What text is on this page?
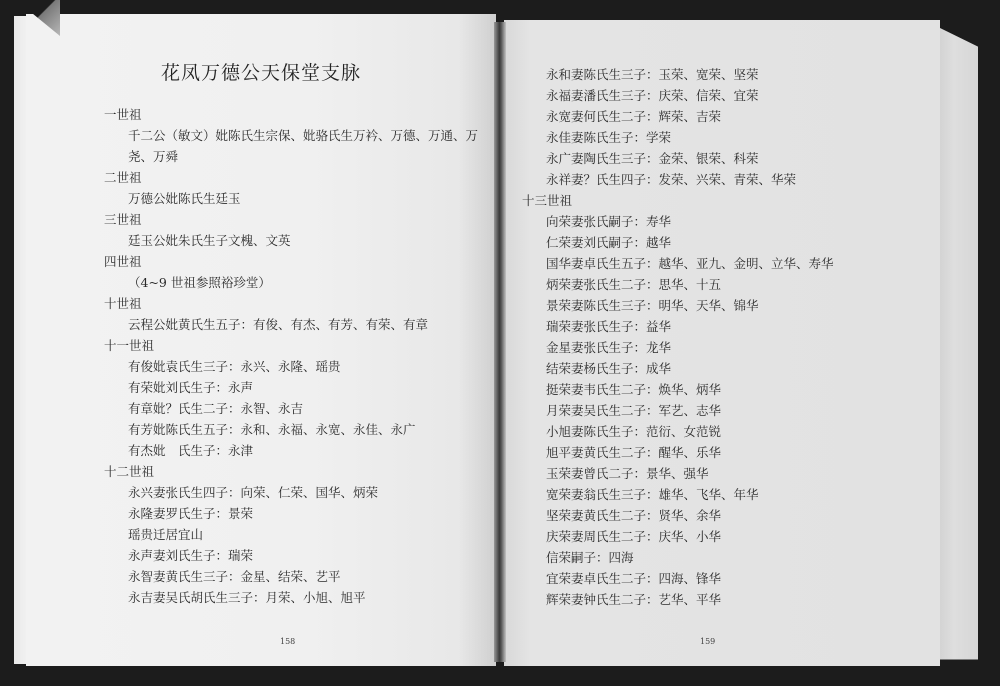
花凤万德公天保堂支脉
一世祖
千二公（敏文）妣陈氏生宗保、妣骆氏生万衿、万德、万通、万尧、万舜
二世祖
万德公妣陈氏生廷玉
三世祖
廷玉公妣朱氏生子文槐、文英
四世祖
（4~9 世祖参照裕珍堂）
十世祖
云程公妣黄氏生五子：有俊、有杰、有芳、有荣、有章
十一世祖
有俊妣袁氏生三子：永兴、永隆、瑶贵
有荣妣刘氏生子：永声
有章妣？氏生二子：永智、永吉
有芳妣陈氏生五子：永和、永福、永宽、永佳、永广
有杰妣　氏生子：永津
十二世祖
永兴妻张氏生四子：向荣、仁荣、国华、炳荣
永隆妻罗氏生子：景荣
瑶贵迁居宜山
永声妻刘氏生子：瑞荣
永智妻黄氏生三子：金星、结荣、艺平
永吉妻吴氏胡氏生三子：月荣、小旭、旭平
永和妻陈氏生三子：玉荣、宽荣、坚荣
永福妻潘氏生三子：庆荣、信荣、宜荣
永宽妻何氏生二子：辉荣、吉荣
永佳妻陈氏生子：学荣
永广妻陶氏生三子：金荣、银荣、科荣
永祥妻？氏生四子：发荣、兴荣、青荣、华荣
十三世祖
向荣妻张氏嗣子：寿华
仁荣妻刘氏嗣子：越华
国华妻卓氏生五子：越华、亚九、金明、立华、寿华
炳荣妻张氏生二子：思华、十五
景荣妻陈氏生三子：明华、天华、锦华
瑞荣妻张氏生子：益华
金星妻张氏生子：龙华
结荣妻杨氏生子：成华
挺荣妻韦氏生二子：焕华、炳华
月荣妻吴氏生二子：军艺、志华
小旭妻陈氏生子：范衍、女范锐
旭平妻黄氏生二子：醒华、乐华
玉荣妻曾氏二子：景华、强华
宽荣妻翁氏生三子：雄华、飞华、年华
坚荣妻黄氏生二子：贤华、余华
庆荣妻周氏生二子：庆华、小华
信荣嗣子：四海
宜荣妻卓氏生二子：四海、锋华
辉荣妻钟氏生二子：艺华、平华
158	159
